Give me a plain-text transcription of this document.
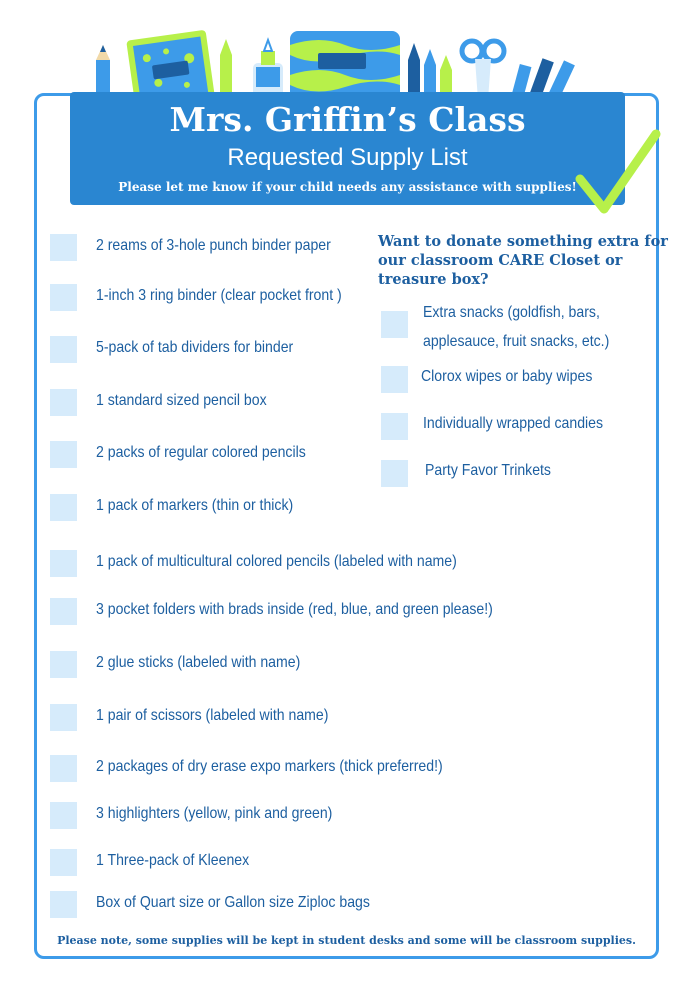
Mrs. Griffin’s Class
Requested Supply List
Please let me know if your child needs any assistance with supplies!
2 reams of 3-hole punch binder paper
1-inch 3 ring binder (clear pocket front )
5-pack of tab dividers for binder
1 standard sized pencil box
2 packs of regular colored pencils
1 pack of markers (thin or thick)
1 pack of multicultural colored pencils (labeled with name)
3 pocket folders with brads inside (red, blue, and green please!)
2 glue sticks (labeled with name)
1 pair of scissors (labeled with name)
2 packages of dry erase expo markers (thick preferred!)
3 highlighters (yellow, pink and green)
1 Three-pack of Kleenex
Box of Quart size or Gallon size Ziploc bags
Want to donate something extra for our classroom CARE Closet or treasure box?
Extra snacks (goldfish, bars,
applesauce, fruit snacks, etc.)
Clorox wipes or baby wipes
Individually wrapped candies
Party Favor Trinkets
Please note, some supplies will be kept in student desks and some will be classroom supplies.
